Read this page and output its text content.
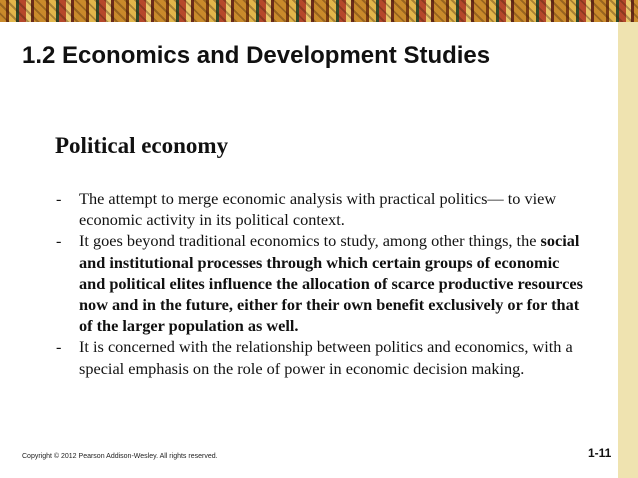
1.2 Economics and Development Studies
Political economy
- The attempt to merge economic analysis with practical politics— to view economic activity in its political context.
- It goes beyond traditional economics to study, among other things, the social and institutional processes through which certain groups of economic and political elites influence the allocation of scarce productive resources now and in the future, either for their own benefit exclusively or for that of the larger population as well.
- It is concerned with the relationship between politics and economics, with a special emphasis on the role of power in economic decision making.
Copyright © 2012 Pearson Addison-Wesley. All rights reserved.	1-11
